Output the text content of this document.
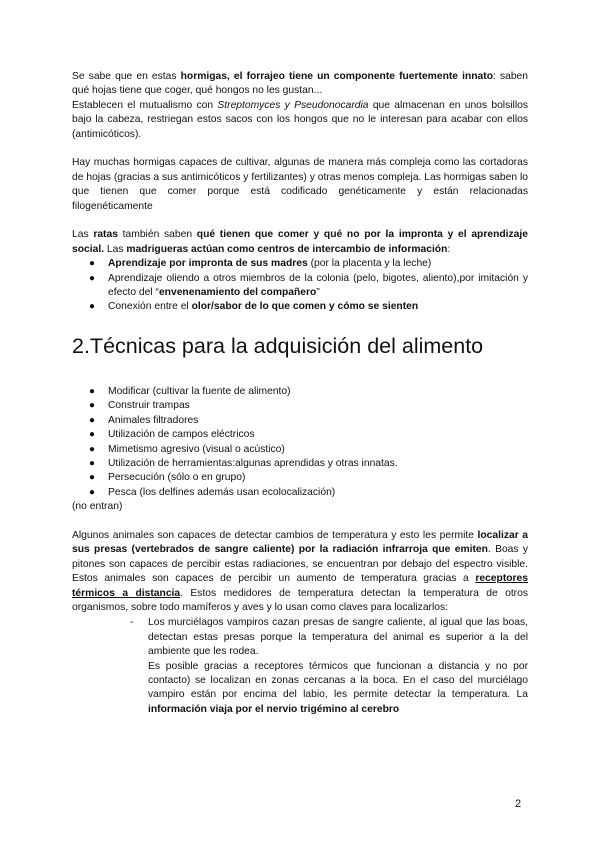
Se sabe que en estas hormigas, el forrajeo tiene un componente fuertemente innato: saben qué hojas tiene que coger, qué hongos no les gustan...

Establecen el mutualismo con Streptomyces y Pseudonocardia que almacenan en unos bolsillos bajo la cabeza, restriegan estos sacos con los hongos que no le interesan para acabar con ellos (antimicóticos).

Hay muchas hormigas capaces de cultivar, algunas de manera más compleja como las cortadoras de hojas (gracias a sus antimicóticos y fertilizantes) y otras menos compleja. Las hormigas saben lo que tienen que comer porque está codificado genéticamente y están relacionadas filogenéticamente

Las ratas también saben qué tienen que comer y qué no por la impronta y el aprendizaje social. Las madrigueras actúan como centros de intercambio de información:

● Aprendizaje por impronta de sus madres (por la placenta y la leche)
● Aprendizaje oliendo a otros miembros de la colonia (pelo, bigotes, aliento),por imitación y efecto del “envenenamiento del compañero”
● Conexión entre el olor/sabor de lo que comen y cómo se sienten
2.Técnicas para la adquisición del alimento
● Modificar (cultivar la fuente de alimento)
● Construir trampas
● Animales filtradores
● Utilización de campos eléctricos
● Mimetismo agresivo (visual o acústico)
● Utilización de herramientas:algunas aprendidas y otras innatas.
● Persecución (sólo o en grupo)
● Pesca (los delfines además usan ecolocalización)

(no entran)

Algunos animales son capaces de detectar cambios de temperatura y esto les permite localizar a sus presas (vertebrados de sangre caliente) por la radiación infrarroja que emiten. Boas y pitones son capaces de percibir estas radiaciones, se encuentran por debajo del espectro visible. Estos animales son capaces de percibir un aumento de temperatura gracias a receptores térmicos a distancia. Estos medidores de temperatura detectan la temperatura de otros organismos, sobre todo mamíferos y aves y lo usan como claves para localizarlos:

- Los murciélagos vampiros cazan presas de sangre caliente, al igual que las boas, detectan estas presas porque la temperatura del animal es superior a la del ambiente que les rodea.

Es posible gracias a receptores térmicos que funcionan a distancia y no por contacto) se localizan en zonas cercanas a la boca. En el caso del murciélago vampiro están por encima del labio, les permite detectar la temperatura. La información viaja por el nervio trigémino al cerebro

2
